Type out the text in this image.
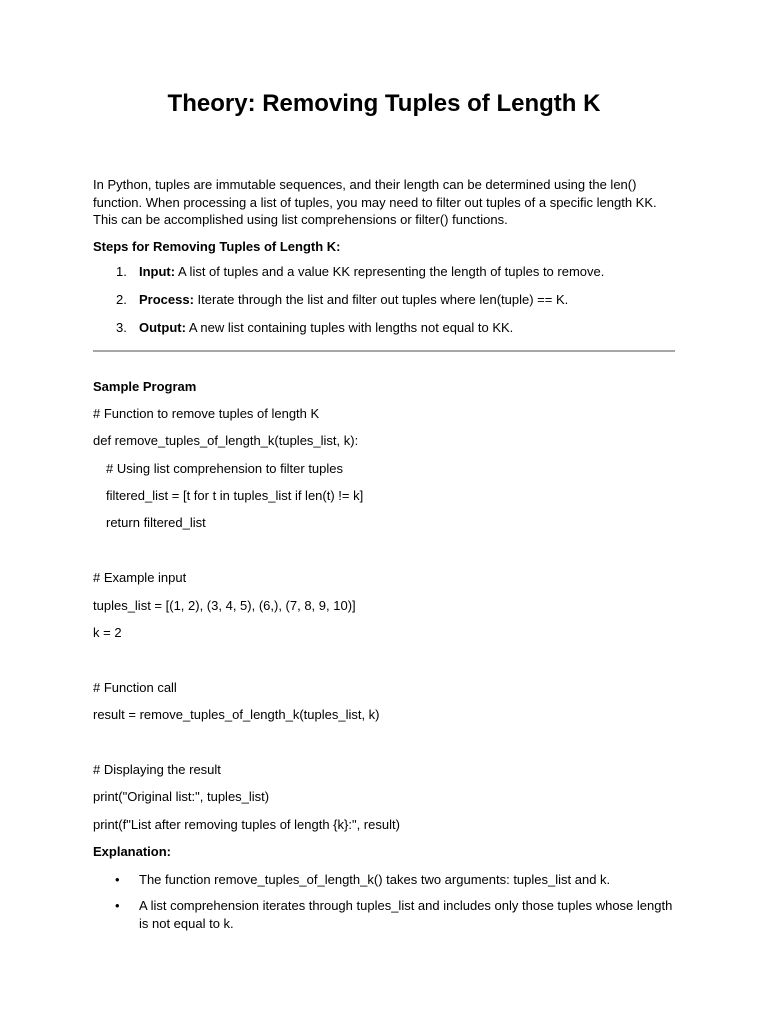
Theory: Removing Tuples of Length K

In Python, tuples are immutable sequences, and their length can be determined using the len() function. When processing a list of tuples, you may need to filter out tuples of a specific length KK. This can be accomplished using list comprehensions or filter() functions.

Steps for Removing Tuples of Length K:

1. Input: A list of tuples and a value KK representing the length of tuples to remove.
2. Process: Iterate through the list and filter out tuples where len(tuple) == K.
3. Output: A new list containing tuples with lengths not equal to KK.

Sample Program

# Function to remove tuples of length K

def remove_tuples_of_length_k(tuples_list, k):

# Using list comprehension to filter tuples

filtered_list = [t for t in tuples_list if len(t) != k]

return filtered_list

# Example input

tuples_list = [(1, 2), (3, 4, 5), (6,), (7, 8, 9, 10)]

k = 2

# Function call

result = remove_tuples_of_length_k(tuples_list, k)

# Displaying the result

print("Original list:", tuples_list)

print(f"List after removing tuples of length {k}:", result)

Explanation:

• The function remove_tuples_of_length_k() takes two arguments: tuples_list and k.
• A list comprehension iterates through tuples_list and includes only those tuples whose length is not equal to k.
